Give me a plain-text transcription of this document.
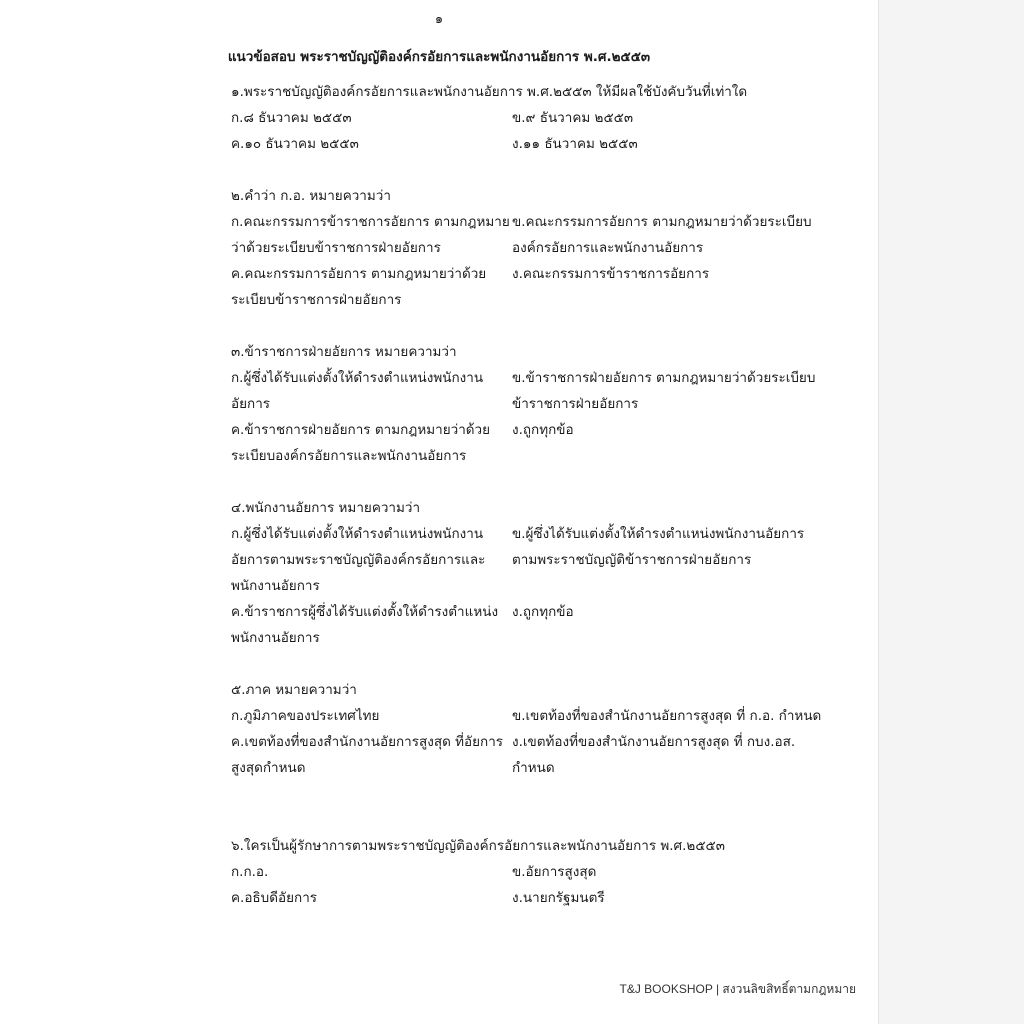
๑
แนวข้อสอบ พระราชบัญญัติองค์กรอัยการและพนักงานอัยการ พ.ศ.๒๕๕๓
๑.พระราชบัญญัติองค์กรอัยการและพนักงานอัยการ พ.ศ.๒๕๕๓ ให้มีผลใช้บังคับวันที่เท่าใด
ก.๘ ธันวาคม ๒๕๕๓	ข.๙ ธันวาคม ๒๕๕๓
ค.๑๐ ธันวาคม ๒๕๕๓	ง.๑๑ ธันวาคม ๒๕๕๓
๒.คำว่า ก.อ. หมายความว่า
ก.คณะกรรมการข้าราชการอัยการ ตามกฎหมายว่าด้วยระเบียบข้าราชการฝ่ายอัยการ
ข.คณะกรรมการอัยการ ตามกฎหมายว่าด้วยระเบียบองค์กรอัยการและพนักงานอัยการ
ค.คณะกรรมการอัยการ ตามกฎหมายว่าด้วยระเบียบข้าราชการฝ่ายอัยการ
ง.คณะกรรมการข้าราชการอัยการ
๓.ข้าราชการฝ่ายอัยการ หมายความว่า
ก.ผู้ซึ่งได้รับแต่งตั้งให้ดำรงตำแหน่งพนักงานอัยการ
ข.ข้าราชการฝ่ายอัยการ ตามกฎหมายว่าด้วยระเบียบข้าราชการฝ่ายอัยการ
ค.ข้าราชการฝ่ายอัยการ ตามกฎหมายว่าด้วยระเบียบองค์กรอัยการและพนักงานอัยการ
ง.ถูกทุกข้อ
๔.พนักงานอัยการ หมายความว่า
ก.ผู้ซึ่งได้รับแต่งตั้งให้ดำรงตำแหน่งพนักงานอัยการตามพระราชบัญญัติองค์กรอัยการและพนักงานอัยการ
ข.ผู้ซึ่งได้รับแต่งตั้งให้ดำรงตำแหน่งพนักงานอัยการตามพระราชบัญญัติข้าราชการฝ่ายอัยการ
ค.ข้าราชการผู้ซึ่งได้รับแต่งตั้งให้ดำรงตำแหน่งพนักงานอัยการ
ง.ถูกทุกข้อ
๕.ภาค หมายความว่า
ก.ภูมิภาคของประเทศไทย	ข.เขตท้องที่ของสำนักงานอัยการสูงสุด ที่ ก.อ. กำหนด
ค.เขตท้องที่ของสำนักงานอัยการสูงสุด ที่อัยการสูงสุดกำหนด
ง.เขตท้องที่ของสำนักงานอัยการสูงสุด ที่ กบง.อส. กำหนด
๖.ใครเป็นผู้รักษาการตามพระราชบัญญัติองค์กรอัยการและพนักงานอัยการ พ.ศ.๒๕๕๓
ก.ก.อ.	ข.อัยการสูงสุด
ค.อธิบดีอัยการ	ง.นายกรัฐมนตรี
T&J BOOKSHOP | สงวนลิขสิทธิ์ตามกฎหมาย
